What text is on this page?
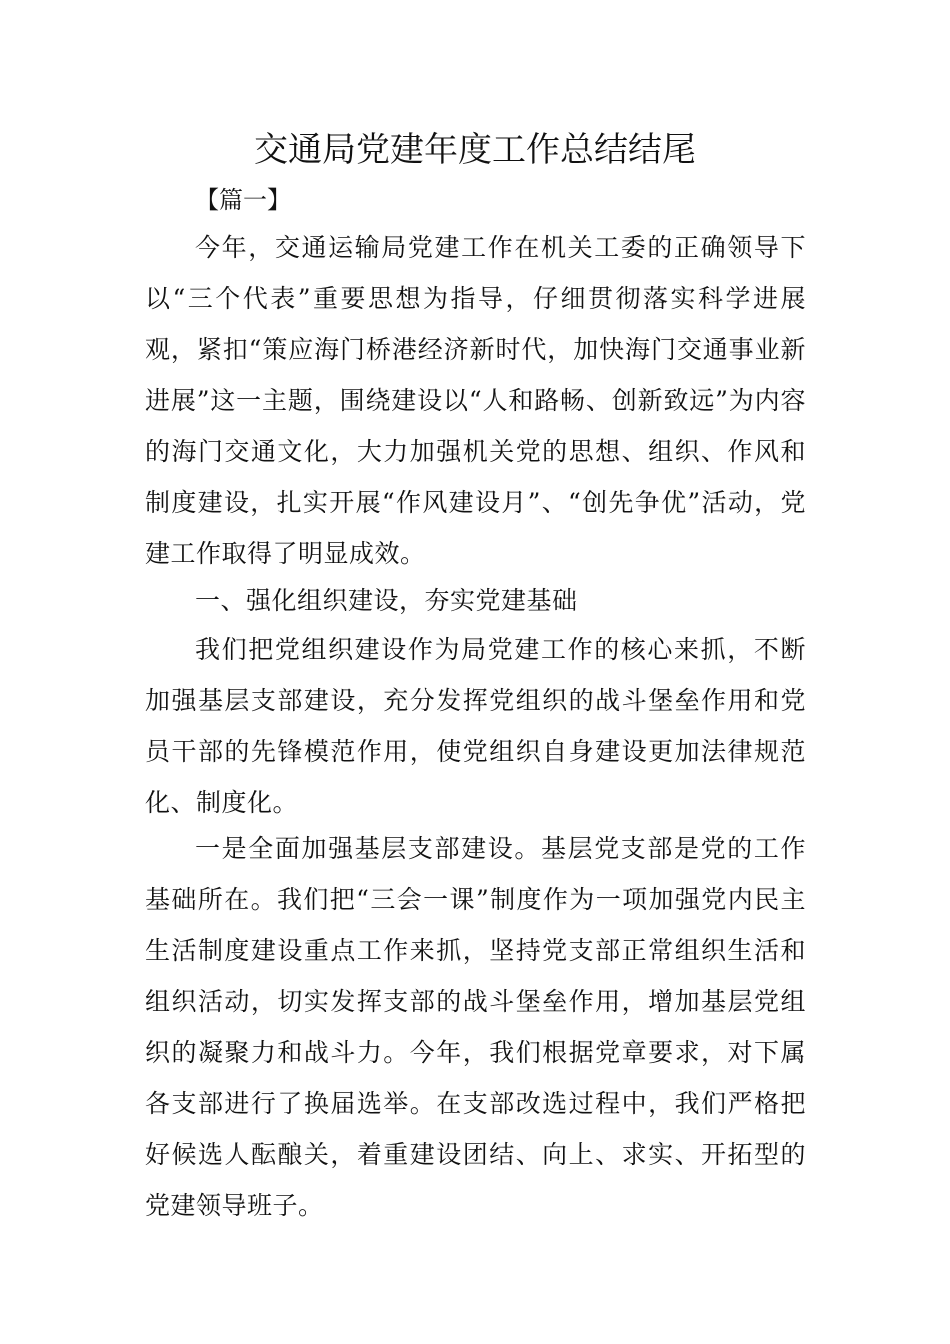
交通局党建年度工作总结结尾

【篇一】

今年，交通运输局党建工作在机关工委的正确领导下以“三个代表”重要思想为指导，仔细贯彻落实科学进展观，紧扣“策应海门桥港经济新时代，加快海门交通事业新进展”这一主题，围绕建设以“人和路畅、创新致远”为内容的海门交通文化，大力加强机关党的思想、组织、作风和制度建设，扎实开展“作风建设月”、“创先争优”活动，党建工作取得了明显成效。

一、强化组织建设，夯实党建基础

我们把党组织建设作为局党建工作的核心来抓，不断加强基层支部建设，充分发挥党组织的战斗堡垒作用和党员干部的先锋模范作用，使党组织自身建设更加法律规范化、制度化。

一是全面加强基层支部建设。基层党支部是党的工作基础所在。我们把“三会一课”制度作为一项加强党内民主生活制度建设重点工作来抓，坚持党支部正常组织生活和组织活动，切实发挥支部的战斗堡垒作用，增加基层党组织的凝聚力和战斗力。今年，我们根据党章要求，对下属各支部进行了换届选举。在支部改选过程中，我们严格把好候选人酝酿关，着重建设团结、向上、求实、开拓型的党建领导班子。
